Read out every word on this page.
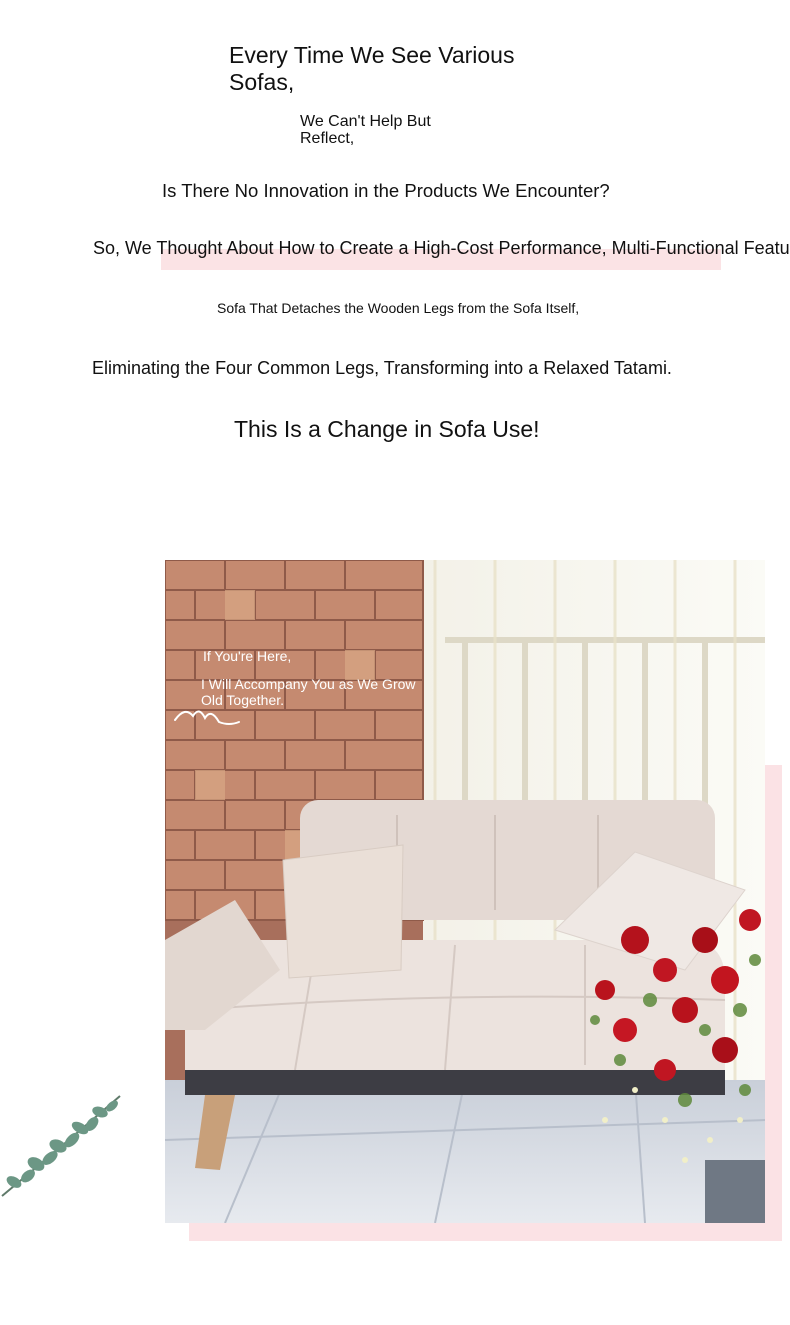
Every Time We See Various Sofas,
We Can't Help But Reflect,
Is There No Innovation in the Products We Encounter?
So, We Thought About How to Create a High-Cost Performance, Multi-Functional Featu
Sofa That Detaches the Wooden Legs from the Sofa Itself,
Eliminating the Four Common Legs, Transforming into a Relaxed Tatami.
This Is a Change in Sofa Use!
If You're Here,
I Will Accompany You as We Grow Old Together.
